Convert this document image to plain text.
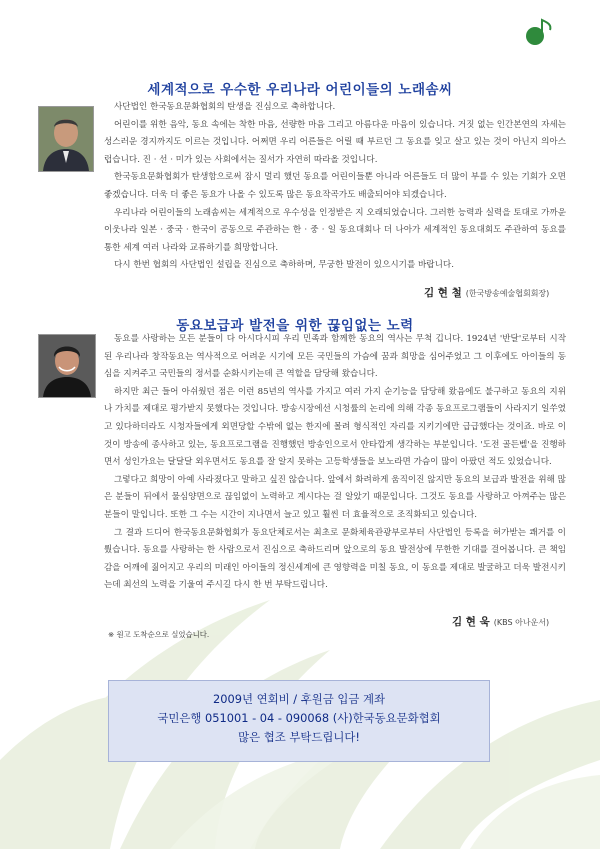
세계적으로 우수한 우리나라 어린이들의 노래솜씨

사단법인 한국동요문화협회의 탄생을 진심으로 축하합니다.

어린이를 위한 음악, 동요 속에는 착한 마음, 선량한 마음 그리고 아름다운 마음이 있습니다. 거짓 없는 인간본연의 자세는 성스러운 경지까지도 이르는 것입니다. 어쩌면 우리 어른들은 어릴 때 부르던 그 동요를 잊고 살고 있는 것이 아닌지 의아스럽습니다. 진 · 선 · 미가 있는 사회에서는 질서가 자연히 따라올 것입니다.

한국동요문화협회가 탄생함으로써 잠시 멀리 했던 동요를 어린이들뿐 아니라 어른들도 더 많이 부를 수 있는 기회가 오면 좋겠습니다. 더욱 더 좋은 동요가 나올 수 있도록 많은 동요작곡가도 배출되어야 되겠습니다.

우리나라 어린이들의 노래솜씨는 세계적으로 우수성을 인정받은 지 오래되었습니다. 그러한 능력과 실력을 토대로 가까운 이웃나라 일본 · 중국 · 한국이 공동으로 주관하는 한 · 중 · 일 동요대회나 더 나아가 세계적인 동요대회도 주관하여 동요를 통한 세계 여러 나라와 교류하기를 희망합니다.

다시 한번 협회의 사단법인 설립을 진심으로 축하하며, 무궁한 발전이 있으시기를 바랍니다.

김 현 철 (한국방송예술협회회장)
동요보급과 발전을 위한 끊임없는 노력

동요를 사랑하는 모든 분들이 다 아시다시피 우리 민족과 함께한 동요의 역사는 무척 깁니다. 1924년 '반달'로부터 시작된 우리나라 창작동요는 역사적으로 어려운 시기에 모든 국민들의 가슴에 꿈과 희망을 심어주었고 그 이후에도 아이들의 동심을 지켜주고 국민들의 정서를 순화시키는데 큰 역할을 담당해 왔습니다.

하지만 최근 들어 아쉬웠던 점은 이런 85년의 역사를 가지고 여러 가지 순기능을 담당해 왔음에도 불구하고 동요의 지위나 가치를 제대로 평가받지 못했다는 것입니다. 방송시장에선 시청률의 논리에 의해 각종 동요프로그램들이 사라지기 일쑤였고 있다하더라도 시청자들에게 외면당할 수밖에 없는 한지에 몰려 형식적인 자리를 지키기에만 급급했다는 것이죠. 바로 이것이 방송에 종사하고 있는, 동요프로그램을 진행했던 방송인으로서 안타깝게 생각하는 부분입니다. '도전 골든벨'을 진행하면서 성인가요는 달달달 외우면서도 동요를 잘 알지 못하는 고등학생들을 보노라면 가슴이 많이 아팠던 적도 있었습니다.

그렇다고 희망이 아예 사라졌다고 말하고 싶진 않습니다. 앞에서 화려하게 움직이진 않지만 동요의 보급과 발전을 위해 많은 분들이 뒤에서 물심양면으로 끊임없이 노력하고 계시다는 걸 알았기 때문입니다. 그것도 동요를 사랑하고 아껴주는 많은 분들이 말입니다. 또한 그 수는 시간이 지나면서 늘고 있고 훨씬 더 효율적으로 조직화되고 있습니다.

그 결과 드디어 한국동요문화협회가 동요단체로서는 최초로 문화체육관광부로부터 사단법인 등록을 허가받는 쾌거를 이뤘습니다. 동요를 사랑하는 한 사람으로서 진심으로 축하드리며 앞으로의 동요 발전상에 무한한 기대를 걸어봅니다. 큰 책임감을 어깨에 짊어지고 우리의 미래인 아이들의 정신세계에 큰 영향력을 미칠 동요, 이 동요를 제대로 발굴하고 더욱 발전시키는데 최선의 노력을 기울여 주시길 다시 한 번 부탁드립니다.

김 현 욱 (KBS 아나운서)
※ 원고 도착순으로 실었습니다.
2009년 연회비 / 후원금 입금 계좌
국민은행 051001 - 04 - 090068 (사)한국동요문화협회
많은 협조 부탁드립니다!
